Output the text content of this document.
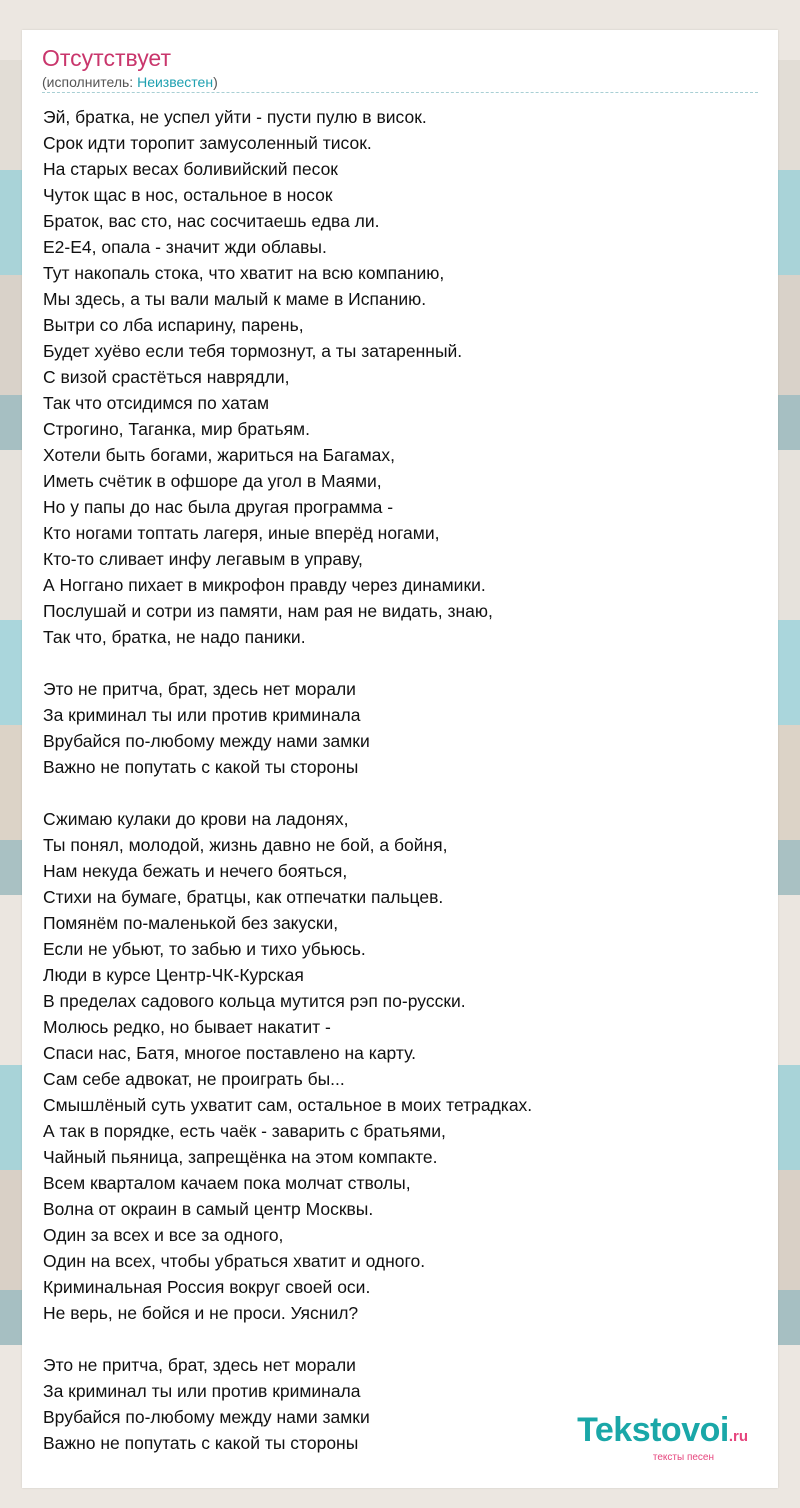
Отсутствует
(исполнитель: Неизвестен)
Эй, братка, не успел уйти - пусти пулю в висок.
Срок идти торопит замусоленный тисок.
На старых весах боливийский песок
Чуток щас в нос, остальное в носок
Браток, вас сто, нас сосчитаешь едва ли.
Е2-Е4, опала - значит жди облавы.
Тут накопаль стока, что хватит на всю компанию,
Мы здесь, а ты вали малый к маме в Испанию.
Вытри со лба испарину, парень,
Будет хуёво если тебя тормознут, а ты затаренный.
С визой срастёться наврядли,
Так что отсидимся по хатам
Строгино, Таганка, мир братьям.
Хотели быть богами, жариться на Багамах,
Иметь счётик в офшоре да угол в Маями,
Но у папы до нас была другая программа -
Кто ногами топтать лагеря, иные вперёд ногами,
Кто-то сливает инфу легавым в управу,
А Ноггано пихает в микрофон правду через динамики.
Послушай и сотри из памяти, нам рая не видать, знаю,
Так что, братка, не надо паники.
Это не притча, брат, здесь нет морали
За криминал ты или против криминала
Врубайся по-любому между нами замки
Важно не попутать с какой ты стороны
Сжимаю кулаки до крови на ладонях,
Ты понял, молодой, жизнь давно не бой, а бойня,
Нам некуда бежать и нечего бояться,
Стихи на бумаге, братцы, как отпечатки пальцев.
Помянём по-маленькой без закуски,
Если не убьют, то забью и тихо убьюсь.
Люди в курсе Центр-ЧК-Курская
В пределах садового кольца мутится рэп по-русски.
Молюсь редко, но бывает накатит -
Спаси нас, Батя, многое поставлено на карту.
Сам себе адвокат, не проиграть бы...
Смышлёный суть ухватит сам, остальное в моих тетрадках.
А так в порядке, есть чаёк - заварить с братьями,
Чайный пьяница, запрещёнка на этом компакте.
Всем кварталом качаем пока молчат стволы,
Волна от окраин в самый центр Москвы.
Один за всех и все за одного,
Один на всех, чтобы убраться хватит и одного.
Криминальная Россия вокруг своей оси.
Не верь, не бойся и не проси. Уяснил?
Это не притча, брат, здесь нет морали
За криминал ты или против криминала
Врубайся по-любому между нами замки
Важно не попутать с какой ты стороны	Tekstovoi.ru
тексты песен
